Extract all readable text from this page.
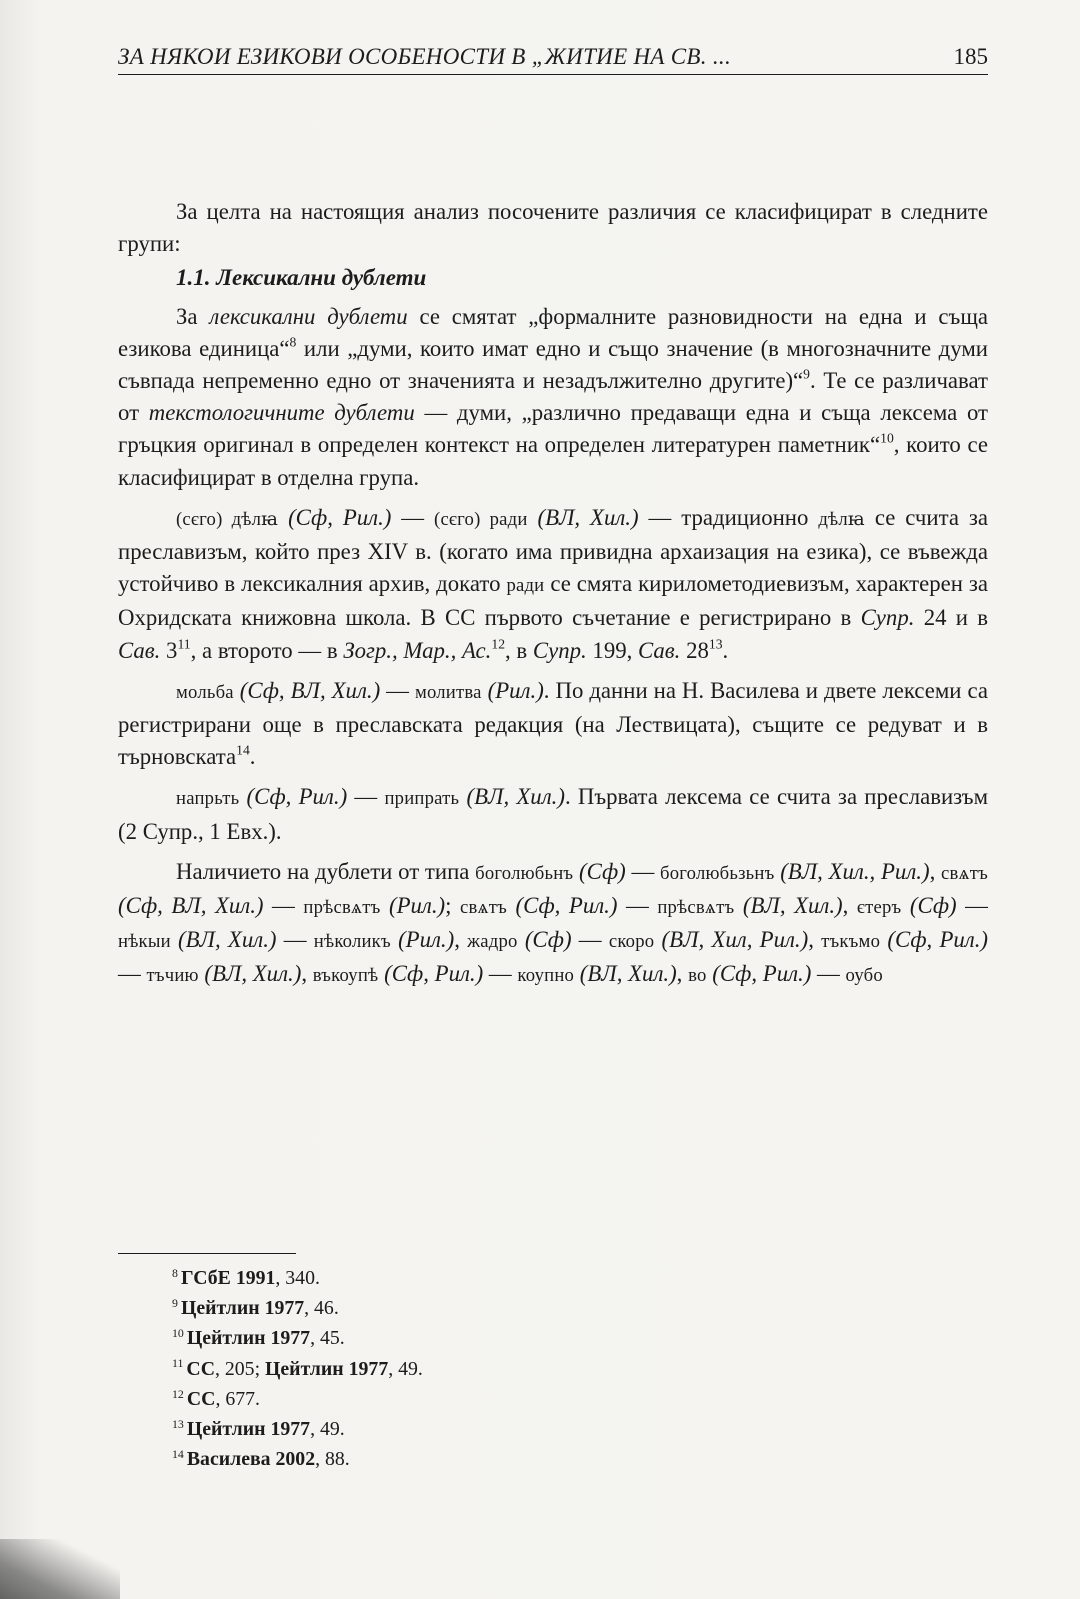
ЗА НЯКОИ ЕЗИКОВИ ОСОБЕНОСТИ В „ЖИТИЕ НА СВ. ...	185

За целта на настоящия анализ посочените различия се класифицират в следните групи:

1.1. Лексикални дублети

За лексикални дублети се смятат „формалните разновидности на една и съща езикова единица“$^8$ или „думи, които имат едно и също значение (в многозначните думи съвпада непременно едно от значенията и незадължително другите)“$^9$. Те се различават от текстологичните дублети — думи, „различно предаващи една и съща лексема от гръцкия оригинал в определен контекст на определен литературен паметник“$^{10}$, които се класифицират в отделна група.

(сєго) дѣлꙗ (Сф, Рил.) — (сєго) ради (ВЛ, Хил.) — традиционно дѣлꙗ се счита за преславизъм, който през XIV в. (когато има привидна архаизация на езика), се въвежда устойчиво в лексикалния архив, докато ради се смята кирилометодиевизъм, характерен за Охридската книжовна школа. В СС първото съчетание е регистрирано в Супр. 24 и в Сав. $3^{11}$, а второто — в Зогр., Мар., Ас.$^{12}$, в Супр. 199, Сав. $28^{13}$.

мольба (Сф, ВЛ, Хил.) — молитва (Рил.). По данни на Н. Василева и двете лексеми са регистрирани още в преславската редакция (на Лествицата), същите се редуват и в търновската$^{14}$.

напрьть (Сф, Рил.) — припрать (ВЛ, Хил.). Първата лексема се счита за преславизъм (2 Супр., 1 Евх.).

Наличието на дублети от типа боголюбьнъ (Сф) — боголюбьзьнъ (ВЛ, Хил., Рил.), свѧтъ (Сф, ВЛ, Хил.) — прѣсвѧтъ (Рил.); свѧтъ (Сф, Рил.) — прѣсвѧтъ (ВЛ, Хил.), єтеръ (Сф) — нѣкыи (ВЛ, Хил.) — нѣколикъ (Рил.), жадро (Сф) — скоро (ВЛ, Хил, Рил.), тъкъмо (Сф, Рил.) — тъчию (ВЛ, Хил.), въкоупѣ (Сф, Рил.) — коупно (ВЛ, Хил.), во (Сф, Рил.) — оубо

$^8$ ГСбЕ 1991, 340.
$^9$ Цейтлин 1977, 46.
$^{10}$ Цейтлин 1977, 45.
$^{11}$ СС, 205; Цейтлин 1977, 49.
$^{12}$ СС, 677.
$^{13}$ Цейтлин 1977, 49.
$^{14}$ Василева 2002, 88.
